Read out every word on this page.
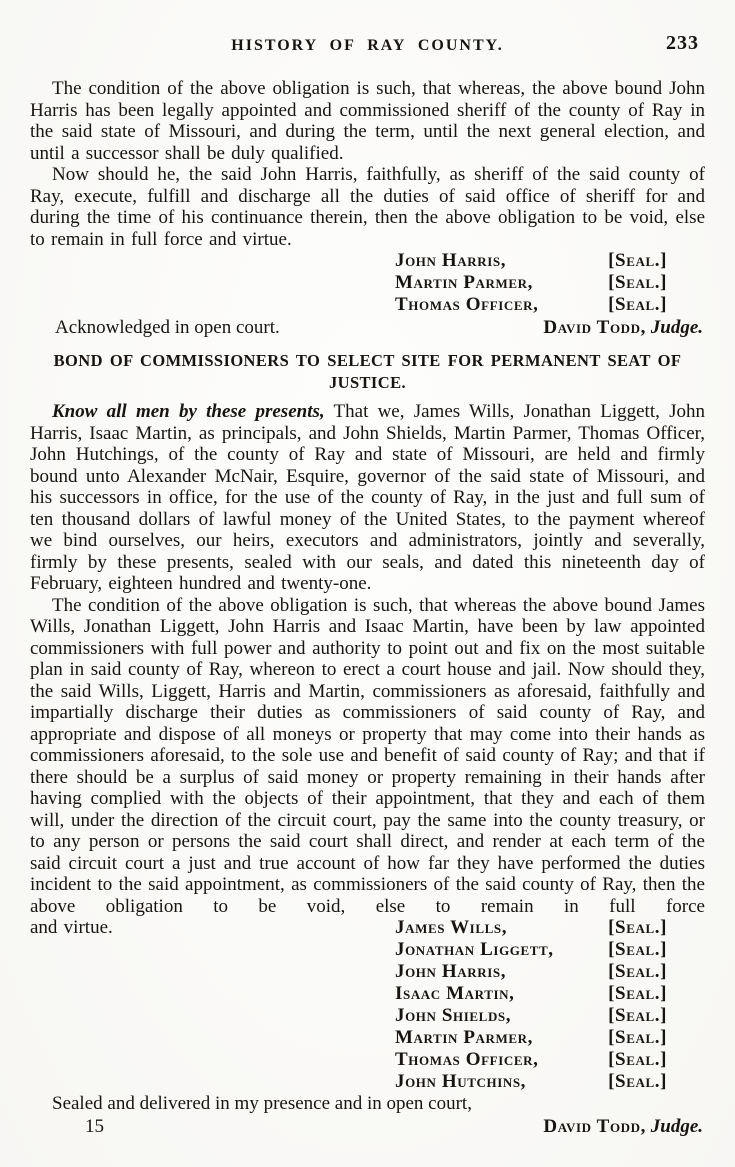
HISTORY OF RAY COUNTY.	233

The condition of the above obligation is such, that whereas, the above bound John Harris has been legally appointed and commissioned sheriff of the county of Ray in the said state of Missouri, and during the term, until the next general election, and until a successor shall be duly qualified.

Now should he, the said John Harris, faithfully, as sheriff of the said county of Ray, execute, fulfill and discharge all the duties of said office of sheriff for and during the time of his continuance therein, then the above obligation to be void, else to remain in full force and virtue.

John Harris,	[Seal.]
Martin Parmer,	[Seal.]
Thomas Officer,	[Seal.]
Acknowledged in open court.	David Todd, Judge.
BOND OF COMMISSIONERS TO SELECT SITE FOR PERMANENT SEAT OF
JUSTICE.

Know all men by these presents, That we, James Wills, Jonathan Liggett, John Harris, Isaac Martin, as principals, and John Shields, Martin Parmer, Thomas Officer, John Hutchings, of the county of Ray and state of Missouri, are held and firmly bound unto Alexander McNair, Esquire, governor of the said state of Missouri, and his successors in office, for the use of the county of Ray, in the just and full sum of ten thousand dollars of lawful money of the United States, to the payment whereof we bind ourselves, our heirs, executors and administrators, jointly and severally, firmly by these presents, sealed with our seals, and dated this nineteenth day of February, eighteen hundred and twenty-one.

The condition of the above obligation is such, that whereas the above bound James Wills, Jonathan Liggett, John Harris and Isaac Martin, have been by law appointed commissioners with full power and authority to point out and fix on the most suitable plan in said county of Ray, whereon to erect a court house and jail. Now should they, the said Wills, Liggett, Harris and Martin, commissioners as aforesaid, faithfully and impartially discharge their duties as commissioners of said county of Ray, and appropriate and dispose of all moneys or property that may come into their hands as commissioners aforesaid, to the sole use and benefit of said county of Ray; and that if there should be a surplus of said money or property remaining in their hands after having complied with the objects of their appointment, that they and each of them will, under the direction of the circuit court, pay the same into the county treasury, or to any person or persons the said court shall direct, and render at each term of the said circuit court a just and true account of how far they have performed the duties incident to the said appointment, as commissioners of the said county of Ray, then the above obligation to be void, else to remain in full force

and virtue.	James Wills,	[Seal.]
Jonathan Liggett,	[Seal.]
John Harris,	[Seal.]
Isaac Martin,	[Seal.]
John Shields,	[Seal.]
Martin Parmer,	[Seal.]
Thomas Officer,	[Seal.]
John Hutchins,	[Seal.]
Sealed and delivered in my presence and in open court,
15	David Todd, Judge.
